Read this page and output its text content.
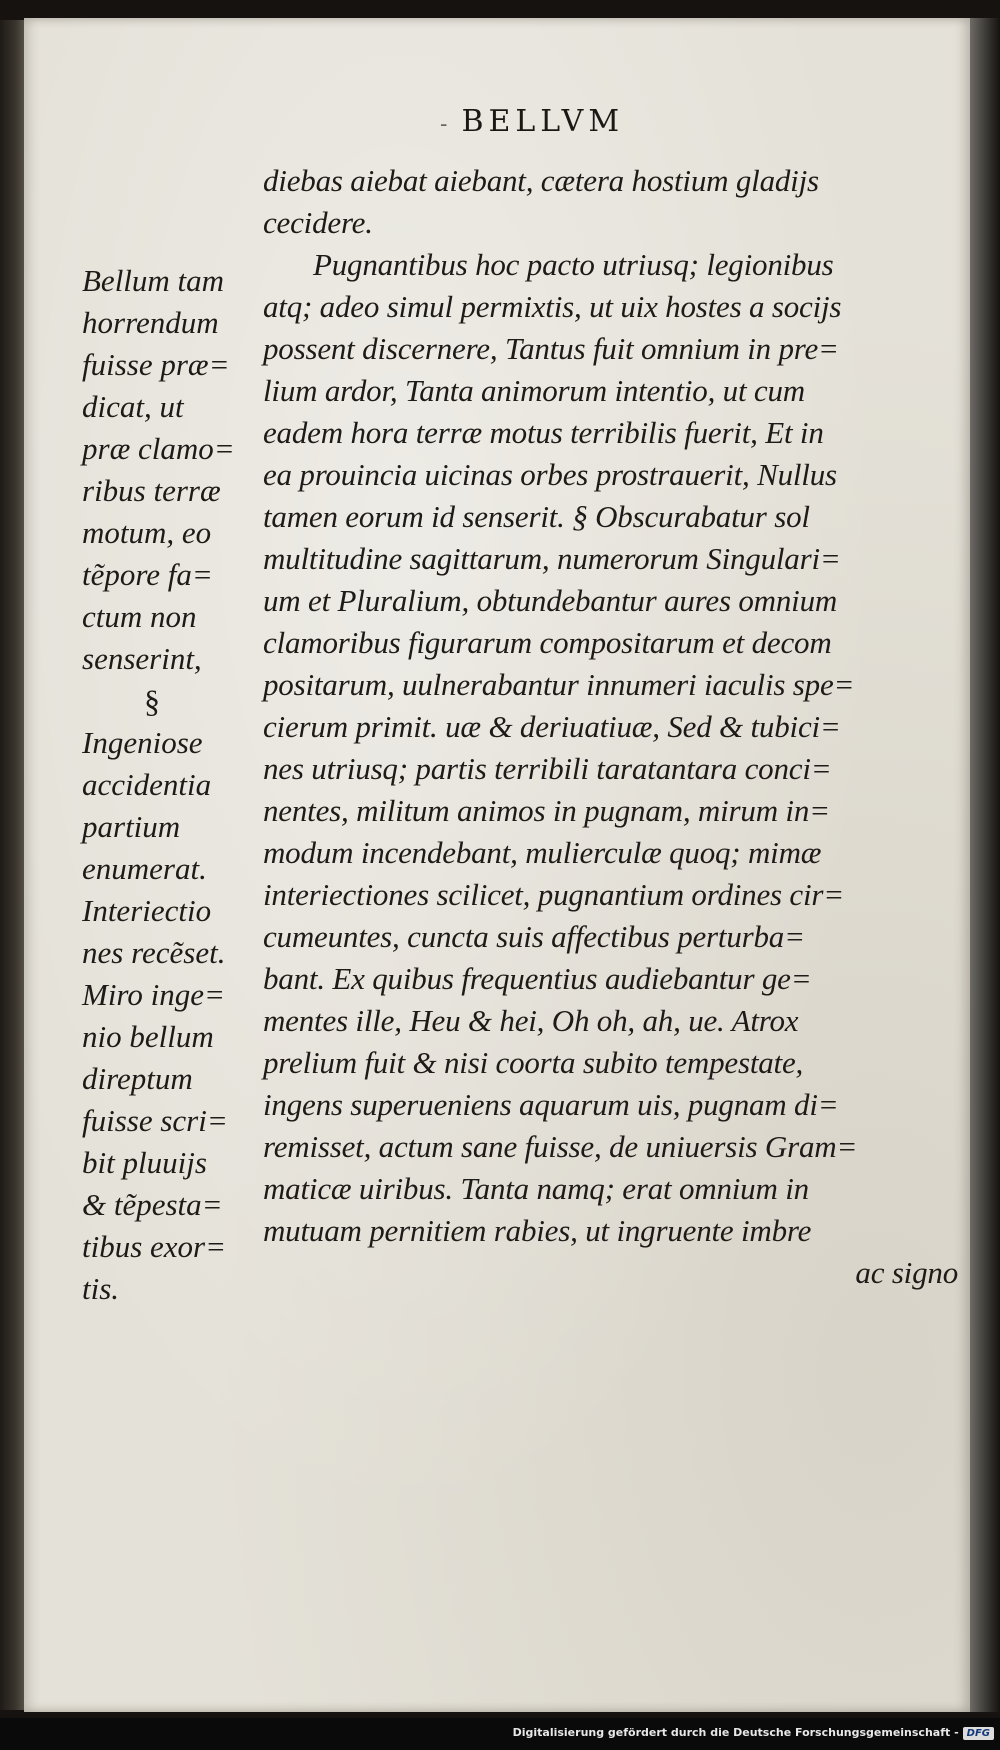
- BELLVM
Bellum tam
horrendum
fuisse præ=
dicat, ut
præ clamo=
ribus terræ
motum, eo
tẽpore fa=
ctum non
senserint,
§
Ingeniose
accidentia
partium
enumerat.
Interiectio
nes recẽset.
Miro inge=
nio bellum
direptum
fuisse scri=
bit pluuijs
& tẽpesta=
tibus exor=
tis.
diebas aiebat aiebant, cætera hostium gladijs
cecidere.
Pugnantibus hoc pacto utriusq; legionibus
atq; adeo simul permixtis, ut uix hostes a socijs
possent discernere, Tantus fuit omnium in pre=
lium ardor, Tanta animorum intentio, ut cum
eadem hora terræ motus terribilis fuerit, Et in
ea prouincia uicinas orbes prostrauerit, Nullus
tamen eorum id senserit. § Obscurabatur sol
multitudine sagittarum, numerorum Singulari=
um et Pluralium, obtundebantur aures omnium
clamoribus figurarum compositarum et decom
positarum, uulnerabantur innumeri iaculis spe=
cierum primit. uæ & deriuatiuæ, Sed & tubici=
nes utriusq; partis terribili taratantara conci=
nentes, militum animos in pugnam, mirum in=
modum incendebant, mulierculæ quoq; mimæ
interiectiones scilicet, pugnantium ordines cir=
cumeuntes, cuncta suis affectibus perturba=
bant. Ex quibus frequentius audiebantur ge=
mentes ille, Heu & hei, Oh oh, ah, ue. Atrox
prelium fuit & nisi coorta subito tempestate,
ingens superueniens aquarum uis, pugnam di=
remisset, actum sane fuisse, de uniuersis Gram=
maticæ uiribus. Tanta namq; erat omnium in
mutuam pernitiem rabies, ut ingruente imbre
ac signo
Digitalisierung gefördert durch die Deutsche Forschungsgemeinschaft - DFG
